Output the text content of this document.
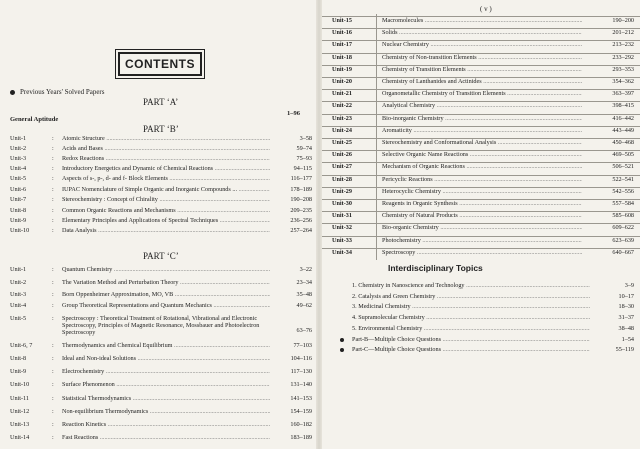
CONTENTS
Previous Years' Solved Papers
PART ‘A’
General Aptitude
1–96
PART ‘B’
Unit-1	: Atomic Structure .....	3–58
Unit-2	: Acids and Bases .....	59–74
Unit-3	: Redox Reactions .....	75–93
Unit-4	: Introductory Energetics and Dynamic of Chemical Reactions .....	94–115
Unit-5	: Aspects of s-, p-, d- and f- Block Elements .....	116–177
Unit-6	: IUPAC Nomenclature of Simple Organic and Inorganic Compounds ... .....	178–189
Unit-7	: Stereochemistry : Concept of Chirality .....	190–208
Unit-8	: Common Organic Reactions and Mechanisms .....	209–235
Unit-9	: Elementary Principles and Applications of Spectral Techniques .....	236–256
Unit-10	: Data Analysis .....	257–264
PART ‘C’
Unit-1	: Quantum Chemistry .....	3–22
Unit-2	: The Variation Method and Perturbation Theory .....	23–34
Unit-3	: Born Oppenheimer Approximation, MO, VB .....	35–48
Unit-4	: Group Theoretical Representations and Quantum Mechanics .....	49–62
Unit-5	: Spectroscopy : Theoretical Treatment of Rotational, Vibrational and Electronic Spectroscopy, Principles of Magnetic Resonance, Mossbauer and Photoelectron Spectroscopy	63–76
Unit-6, 7	: Thermodynamics and Chemical Equilibrium .....	77–103
Unit-8	: Ideal and Non-ideal Solutions .....	104–116
Unit-9	: Electrochemistry .....	117–130
Unit-10	: Surface Phenomenon .....	131–140
Unit-11	: Statistical Thermodynamics .....	141–153
Unit-12	: Non-equilibrium Thermodynamics .....	154–159
Unit-13	: Reaction Kinetics .....	160–182
Unit-14	: Fast Reactions .....	183–189
( v )
Unit-15	Macromolecules .....	190–200
Unit-16	Solids .....	201–212
Unit-17	Nuclear Chemistry .....	213–232
Unit-18	Chemistry of Non-transition Elements .....	233–292
Unit-19	Chemistry of Transition Elements .....	293–353
Unit-20	Chemistry of Lanthanides and Actinides .....	354–362
Unit-21	Organometallic Chemistry of Transition Elements .....	363–397
Unit-22	Analytical Chemistry .....	398–415
Unit-23	Bio-inorganic Chemistry .....	416–442
Unit-24	Aromaticity .....	443–449
Unit-25	Stereochemistry and Conformational Analysis .....	450–468
Unit-26	Selective Organic Name Reactions .....	469–505
Unit-27	Mechanism of Organic Reactions .....	506–521
Unit-28	Pericyclic Reactions .....	522–541
Unit-29	Heterocyclic Chemistry .....	542–556
Unit-30	Reagents in Organic Synthesis .....	557–584
Unit-31	Chemistry of Natural Products .....	585–608
Unit-32	Bio-organic Chemistry .....	609–622
Unit-33	Photochemistry .....	623–639
Unit-34	Spectroscopy .....	640–667
Interdisciplinary Topics
1. Chemistry in Nanoscience and Technology .....	3–9
2. Catalysis and Green Chemistry .....	10–17
3. Medicinal Chemistry .....	18–30
4. Supramolecular Chemistry .....	31–37
5. Environmental Chemistry .....	38–48
Part-B—Multiple Choice Questions .....	1–54
Part-C—Multiple Choice Questions .....	55–119
